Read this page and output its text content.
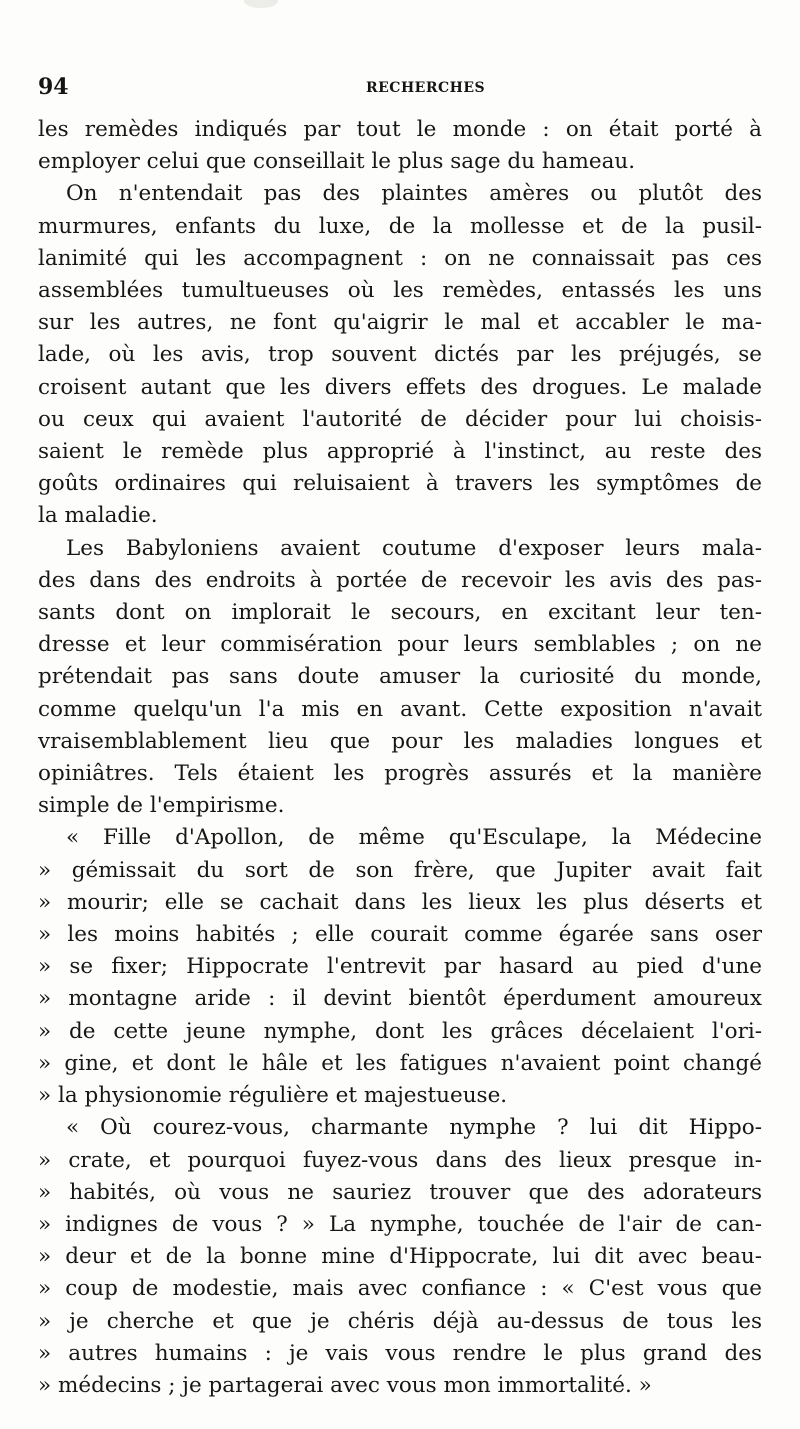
94	RECHERCHES

les remèdes indiqués par tout le monde : on était porté à
employer celui que conseillait le plus sage du hameau.

On n'entendait pas des plaintes amères ou plutôt des
murmures, enfants du luxe, de la mollesse et de la pusil-
lanimité qui les accompagnent : on ne connaissait pas ces
assemblées tumultueuses où les remèdes, entassés les uns
sur les autres, ne font qu'aigrir le mal et accabler le ma-
lade, où les avis, trop souvent dictés par les préjugés, se
croisent autant que les divers effets des drogues. Le malade
ou ceux qui avaient l'autorité de décider pour lui choisis-
saient le remède plus approprié à l'instinct, au reste des
goûts ordinaires qui reluisaient à travers les symptômes de
la maladie.

Les Babyloniens avaient coutume d'exposer leurs mala-
des dans des endroits à portée de recevoir les avis des pas-
sants dont on implorait le secours, en excitant leur ten-
dresse et leur commisération pour leurs semblables ; on ne
prétendait pas sans doute amuser la curiosité du monde,
comme quelqu'un l'a mis en avant. Cette exposition n'avait
vraisemblablement lieu que pour les maladies longues et
opiniâtres. Tels étaient les progrès assurés et la manière
simple de l'empirisme.

« Fille d'Apollon, de même qu'Esculape, la Médecine
» gémissait du sort de son frère, que Jupiter avait fait
» mourir; elle se cachait dans les lieux les plus déserts et
» les moins habités ; elle courait comme égarée sans oser
» se fixer; Hippocrate l'entrevit par hasard au pied d'une
» montagne aride : il devint bientôt éperdument amoureux
» de cette jeune nymphe, dont les grâces décelaient l'ori-
» gine, et dont le hâle et les fatigues n'avaient point changé
» la physionomie régulière et majestueuse.

« Où courez-vous, charmante nymphe ? lui dit Hippo-
» crate, et pourquoi fuyez-vous dans des lieux presque in-
» habités, où vous ne sauriez trouver que des adorateurs
» indignes de vous ? » La nymphe, touchée de l'air de can-
» deur et de la bonne mine d'Hippocrate, lui dit avec beau-
» coup de modestie, mais avec confiance : « C'est vous que
» je cherche et que je chéris déjà au-dessus de tous les
» autres humains : je vais vous rendre le plus grand des
» médecins ; je partagerai avec vous mon immortalité. »
